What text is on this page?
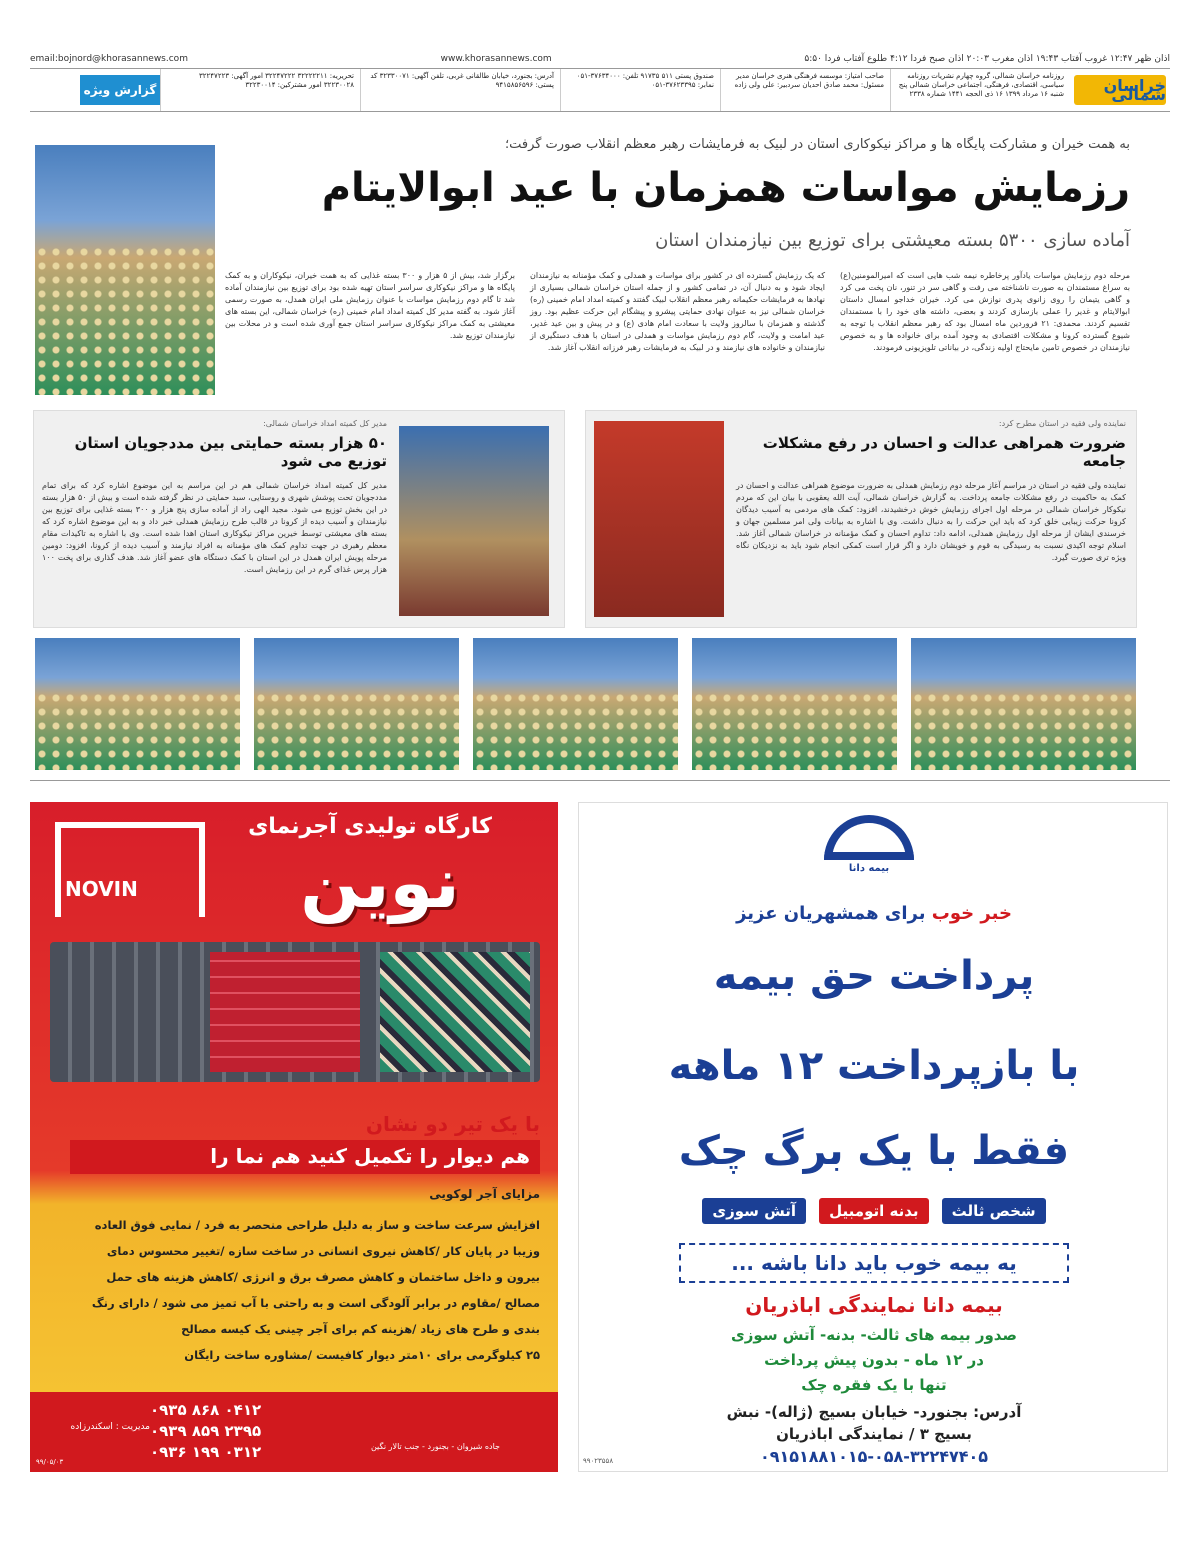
اذان ظهر ۱۲:۴۷ غروب آفتاب ۱۹:۴۳ اذان مغرب ۲۰:۰۳ اذان صبح فردا ۴:۱۲ طلوع آفتاب فردا ۵:۵۰
www.khorasannews.com
email:bojnord@khorasannews.com
خراسان شمالی
روزنامه خراسان شمالی، گروه چهارم نشریات روزنامه سیاسی، اقتصادی، فرهنگی، اجتماعی خراسان شمالی پنج شنبه ۱۶ مرداد ۱۳۹۹ ۱۶ ذی الحجه ۱۴۴۱ شماره ۲۳۳۸
صاحب امتیاز: موسسه فرهنگی هنری خراسان مدیر مسئول: محمد صادق احدیان سردبیر: علی ولی زاده
صندوق پستی ۵۱۱ ۹۱۷۳۵ تلفن: ۳۷۶۳۴۰۰۰-۰۵۱ نمابر: ۳۷۶۲۳۳۹۵-۰۵۱
آدرس: بجنورد، خیابان طالقانی غربی، تلفن آگهی: ۳۲۳۳۰۰۷۱ کد پستی: ۹۴۱۵۸۵۶۵۹۶
تحریریه: ۳۲۲۲۲۲۱۱ ۳۲۲۴۷۲۲۲ امور آگهی: ۳۲۲۴۷۲۲۳ ۳۲۲۳۰۰۲۸ امور مشترکین: ۳۲۲۳۰۰۱۴
گزارش ویژه
به همت خیران و مشارکت پایگاه ها و مراکز نیکوکاری استان در لبیک به فرمایشات رهبر معظم انقلاب صورت گرفت؛
رزمایش مواسات همزمان با عید ابوالایتام
آماده سازی ۵۳۰۰ بسته معیشتی برای توزیع بین نیازمندان استان
مرحله دوم رزمایش مواسات یادآور پرخاطره نیمه شب هایی است که امیرالمومنین(ع) به سراغ مستمندان به صورت ناشناخته می رفت و گاهی سر در تنور، نان پخت می کرد و گاهی یتیمان را روی زانوی پدری نوازش می کرد. خیران خداجو امسال داستان ابوالایتام و غدیر را عملی بازسازی کردند و بعضی، داشته های خود را با مستمندان تقسیم کردند. محمدی: ۲۱ فروردین ماه امسال بود که رهبر معظم انقلاب با توجه به شیوع گسترده کرونا و مشکلات اقتصادی به وجود آمده برای خانواده ها و به خصوص نیازمندان در خصوص تامین مایحتاج اولیه زندگی، در بیاناتی تلویزیونی فرمودند.
که یک رزمایش گسترده ای در کشور برای مواسات و همدلی و کمک مؤمنانه به نیازمندان ایجاد شود و به دنبال آن، در تمامی کشور و از جمله استان خراسان شمالی بسیاری از نهادها به فرمایشات حکیمانه رهبر معظم انقلاب لبیک گفتند و کمیته امداد امام خمینی (ره) خراسان شمالی نیز به عنوان نهادی حمایتی پیشرو و پیشگام این حرکت عظیم بود. روز گذشته و همزمان با سالروز ولایت با سعادت امام هادی (ع) و در پیش و بین عید غدیر، عید امامت و ولایت، گام دوم رزمایش مواسات و همدلی در استان با هدف دستگیری از نیازمندان و خانواده های نیازمند و در لبیک به فرمایشات رهبر فرزانه انقلاب آغاز شد.
برگزار شد، بیش از ۵ هزار و ۳۰۰ بسته غذایی که به همت خیران، نیکوکاران و به کمک پایگاه ها و مراکز نیکوکاری سراسر استان تهیه شده بود برای توزیع بین نیازمندان آماده شد تا گام دوم رزمایش مواسات با عنوان رزمایش ملی ایران همدل، به صورت رسمی آغاز شود. به گفته مدیر کل کمیته امداد امام خمینی (ره) خراسان شمالی، این بسته های معیشتی به کمک مراکز نیکوکاری سراسر استان جمع آوری شده است و در محلات بین نیازمندان توزیع شد.
نماینده ولی فقیه در استان مطرح کرد:
ضرورت همراهی عدالت و احسان در رفع مشکلات جامعه
نماینده ولی فقیه در استان در مراسم آغاز مرحله دوم رزمایش همدلی به ضرورت موضوع همراهی عدالت و احسان در کمک به حاکمیت در رفع مشکلات جامعه پرداخت. به گزارش خراسان شمالی، آیت الله یعقوبی با بیان این که مردم نیکوکار خراسان شمالی در مرحله اول اجرای رزمایش خوش درخشیدند، افزود: کمک های مردمی به آسیب دیدگان کرونا حرکت زیبایی خلق کرد که باید این حرکت را به دنبال داشت. وی با اشاره به بیانات ولی امر مسلمین جهان و خرسندی ایشان از مرحله اول رزمایش همدلی، ادامه داد: تداوم احسان و کمک مؤمنانه در خراسان شمالی آغاز شد. اسلام توجه اکیدی نسبت به رسیدگی به قوم و خویشان دارد و اگر قرار است کمکی انجام شود باید به نزدیکان نگاه ویژه تری صورت گیرد.
مدیر کل کمیته امداد خراسان شمالی:
۵۰ هزار بسته حمایتی بین مددجویان استان توزیع می شود
مدیر کل کمیته امداد خراسان شمالی هم در این مراسم به این موضوع اشاره کرد که برای تمام مددجویان تحت پوشش شهری و روستایی، سبد حمایتی در نظر گرفته شده است و بیش از ۵۰ هزار بسته در این بخش توزیع می شود. مجید الهی راد از آماده سازی پنج هزار و ۳۰۰ بسته غذایی برای توزیع بین نیازمندان و آسیب دیده از کرونا در قالب طرح رزمایش همدلی خبر داد و به این موضوع اشاره کرد که بسته های معیشتی توسط خیرین مراکز نیکوکاری استان اهدا شده است. وی با اشاره به تاکیدات مقام معظم رهبری در جهت تداوم کمک های مؤمنانه به افراد نیازمند و آسیب دیده از کرونا، افزود: دومین مرحله پویش ایران همدل در این استان با کمک دستگاه های عضو آغاز شد. هدف گذاری برای پخت ۱۰۰ هزار پرس غذای گرم در این رزمایش است.
کارگاه تولیدی آجرنمای
نوین
NOVIN
با یک تیر دو نشان
هم دیوار را تکمیل کنید هم نما را
مزایای آجر لوکویی
افزایش سرعت ساخت و ساز به دلیل طراحی منحصر به فرد / نمایی فوق العاده
وزیبا در پایان کار /کاهش نیروی انسانی در ساخت سازه /تغییر محسوس دمای
بیرون و داخل ساختمان و کاهش مصرف برق و انرژی /کاهش هزینه های حمل
مصالح /مقاوم در برابر آلودگی است و به راحتی با آب تمیز می شود / دارای رنگ
بندی و طرح های زیاد /هزینه کم برای آجر چینی یک کیسه مصالح
۲۵ کیلوگرمی برای ۱۰متر دیوار کافیست /مشاوره ساخت رایگان
۰۹۳۵ ۸۶۸ ۰۴۱۲
۰۹۳۹ ۸۵۹ ۲۳۹۵
۰۹۳۶ ۱۹۹ ۰۳۱۲
مدیریت : اسکندرزاده
جاده شیروان - بجنورد - جنب تالار نگین
۹۹/۰۵/۰۳
بیمه دانا
خبر خوب برای همشهریان عزیز
پرداخت حق بیمه
با بازپرداخت ۱۲ ماهه
فقط با یک برگ چک
شخص ثالث بدنه اتومبیل آتش سوزی
یه بیمه خوب باید دانا باشه ...
بیمه دانا نمایندگی اباذریان
صدور بیمه های ثالث- بدنه- آتش سوزی
در ۱۲ ماه - بدون پیش پرداخت
تنها با یک فقره چک
آدرس: بجنورد- خیابان بسیج (ژاله)- نبش
بسیج ۳ / نمایندگی اباذریان
۰۹۱۵۱۸۸۱۰۱۵-۰۵۸-۳۲۲۴۷۴۰۵
۹۹۰۲۳۵۵۸
